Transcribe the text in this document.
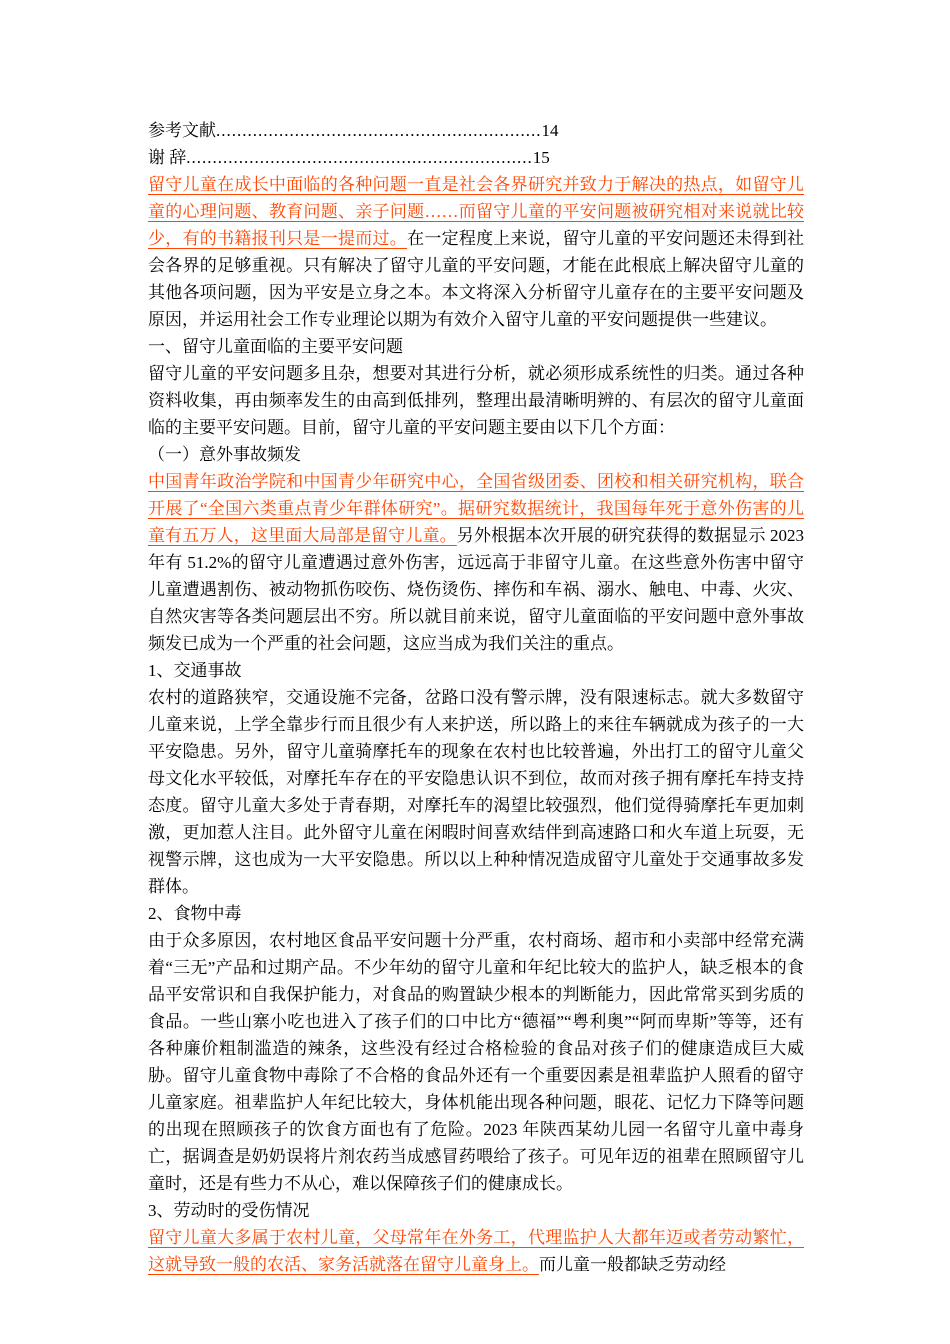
参考文献..............................................................14
谢 辞..................................................................15
留守儿童在成长中面临的各种问题一直是社会各界研究并致力于解决的热点，如留守儿童的心理问题、教育问题、亲子问题……而留守儿童的平安问题被研究相对来说就比较少，有的书籍报刊只是一提而过。在一定程度上来说，留守儿童的平安问题还未得到社会各界的足够重视。只有解决了留守儿童的平安问题，才能在此根底上解决留守儿童的其他各项问题，因为平安是立身之本。本文将深入分析留守儿童存在的主要平安问题及原因，并运用社会工作专业理论以期为有效介入留守儿童的平安问题提供一些建议。
一、留守儿童面临的主要平安问题
留守儿童的平安问题多且杂，想要对其进行分析，就必须形成系统性的归类。通过各种资料收集，再由频率发生的由高到低排列，整理出最清晰明辨的、有层次的留守儿童面临的主要平安问题。目前，留守儿童的平安问题主要由以下几个方面：
（一）意外事故频发
中国青年政治学院和中国青少年研究中心，全国省级团委、团校和相关研究机构，联合开展了“全国六类重点青少年群体研究”。据研究数据统计，我国每年死于意外伤害的儿童有五万人，这里面大局部是留守儿童。另外根据本次开展的研究获得的数据显示 2023 年有 51.2%的留守儿童遭遇过意外伤害，远远高于非留守儿童。在这些意外伤害中留守儿童遭遇割伤、被动物抓伤咬伤、烧伤烫伤、摔伤和车祸、溺水、触电、中毒、火灾、自然灾害等各类问题层出不穷。所以就目前来说，留守儿童面临的平安问题中意外事故频发已成为一个严重的社会问题，这应当成为我们关注的重点。
1、交通事故
农村的道路狭窄，交通设施不完备，岔路口没有警示牌，没有限速标志。就大多数留守儿童来说，上学全靠步行而且很少有人来护送，所以路上的来往车辆就成为孩子的一大平安隐患。另外，留守儿童骑摩托车的现象在农村也比较普遍，外出打工的留守儿童父母文化水平较低，对摩托车存在的平安隐患认识不到位，故而对孩子拥有摩托车持支持态度。留守儿童大多处于青春期，对摩托车的渴望比较强烈，他们觉得骑摩托车更加刺激，更加惹人注目。此外留守儿童在闲暇时间喜欢结伴到高速路口和火车道上玩耍，无视警示牌，这也成为一大平安隐患。所以以上种种情况造成留守儿童处于交通事故多发群体。
2、食物中毒
由于众多原因，农村地区食品平安问题十分严重，农村商场、超市和小卖部中经常充满着“三无”产品和过期产品。不少年幼的留守儿童和年纪比较大的监护人，缺乏根本的食品平安常识和自我保护能力，对食品的购置缺少根本的判断能力，因此常常买到劣质的食品。一些山寨小吃也进入了孩子们的口中比方“德福”“粤利奥”“阿而卑斯”等等，还有各种廉价粗制滥造的辣条，这些没有经过合格检验的食品对孩子们的健康造成巨大威胁。留守儿童食物中毒除了不合格的食品外还有一个重要因素是祖辈监护人照看的留守儿童家庭。祖辈监护人年纪比较大，身体机能出现各种问题，眼花、记忆力下降等问题的出现在照顾孩子的饮食方面也有了危险。2023 年陕西某幼儿园一名留守儿童中毒身亡，据调查是奶奶误将片剂农药当成感冒药喂给了孩子。可见年迈的祖辈在照顾留守儿童时，还是有些力不从心，难以保障孩子们的健康成长。
3、劳动时的受伤情况
留守儿童大多属于农村儿童，父母常年在外务工，代理监护人大都年迈或者劳动繁忙，这就导致一般的农活、家务活就落在留守儿童身上。而儿童一般都缺乏劳动经
